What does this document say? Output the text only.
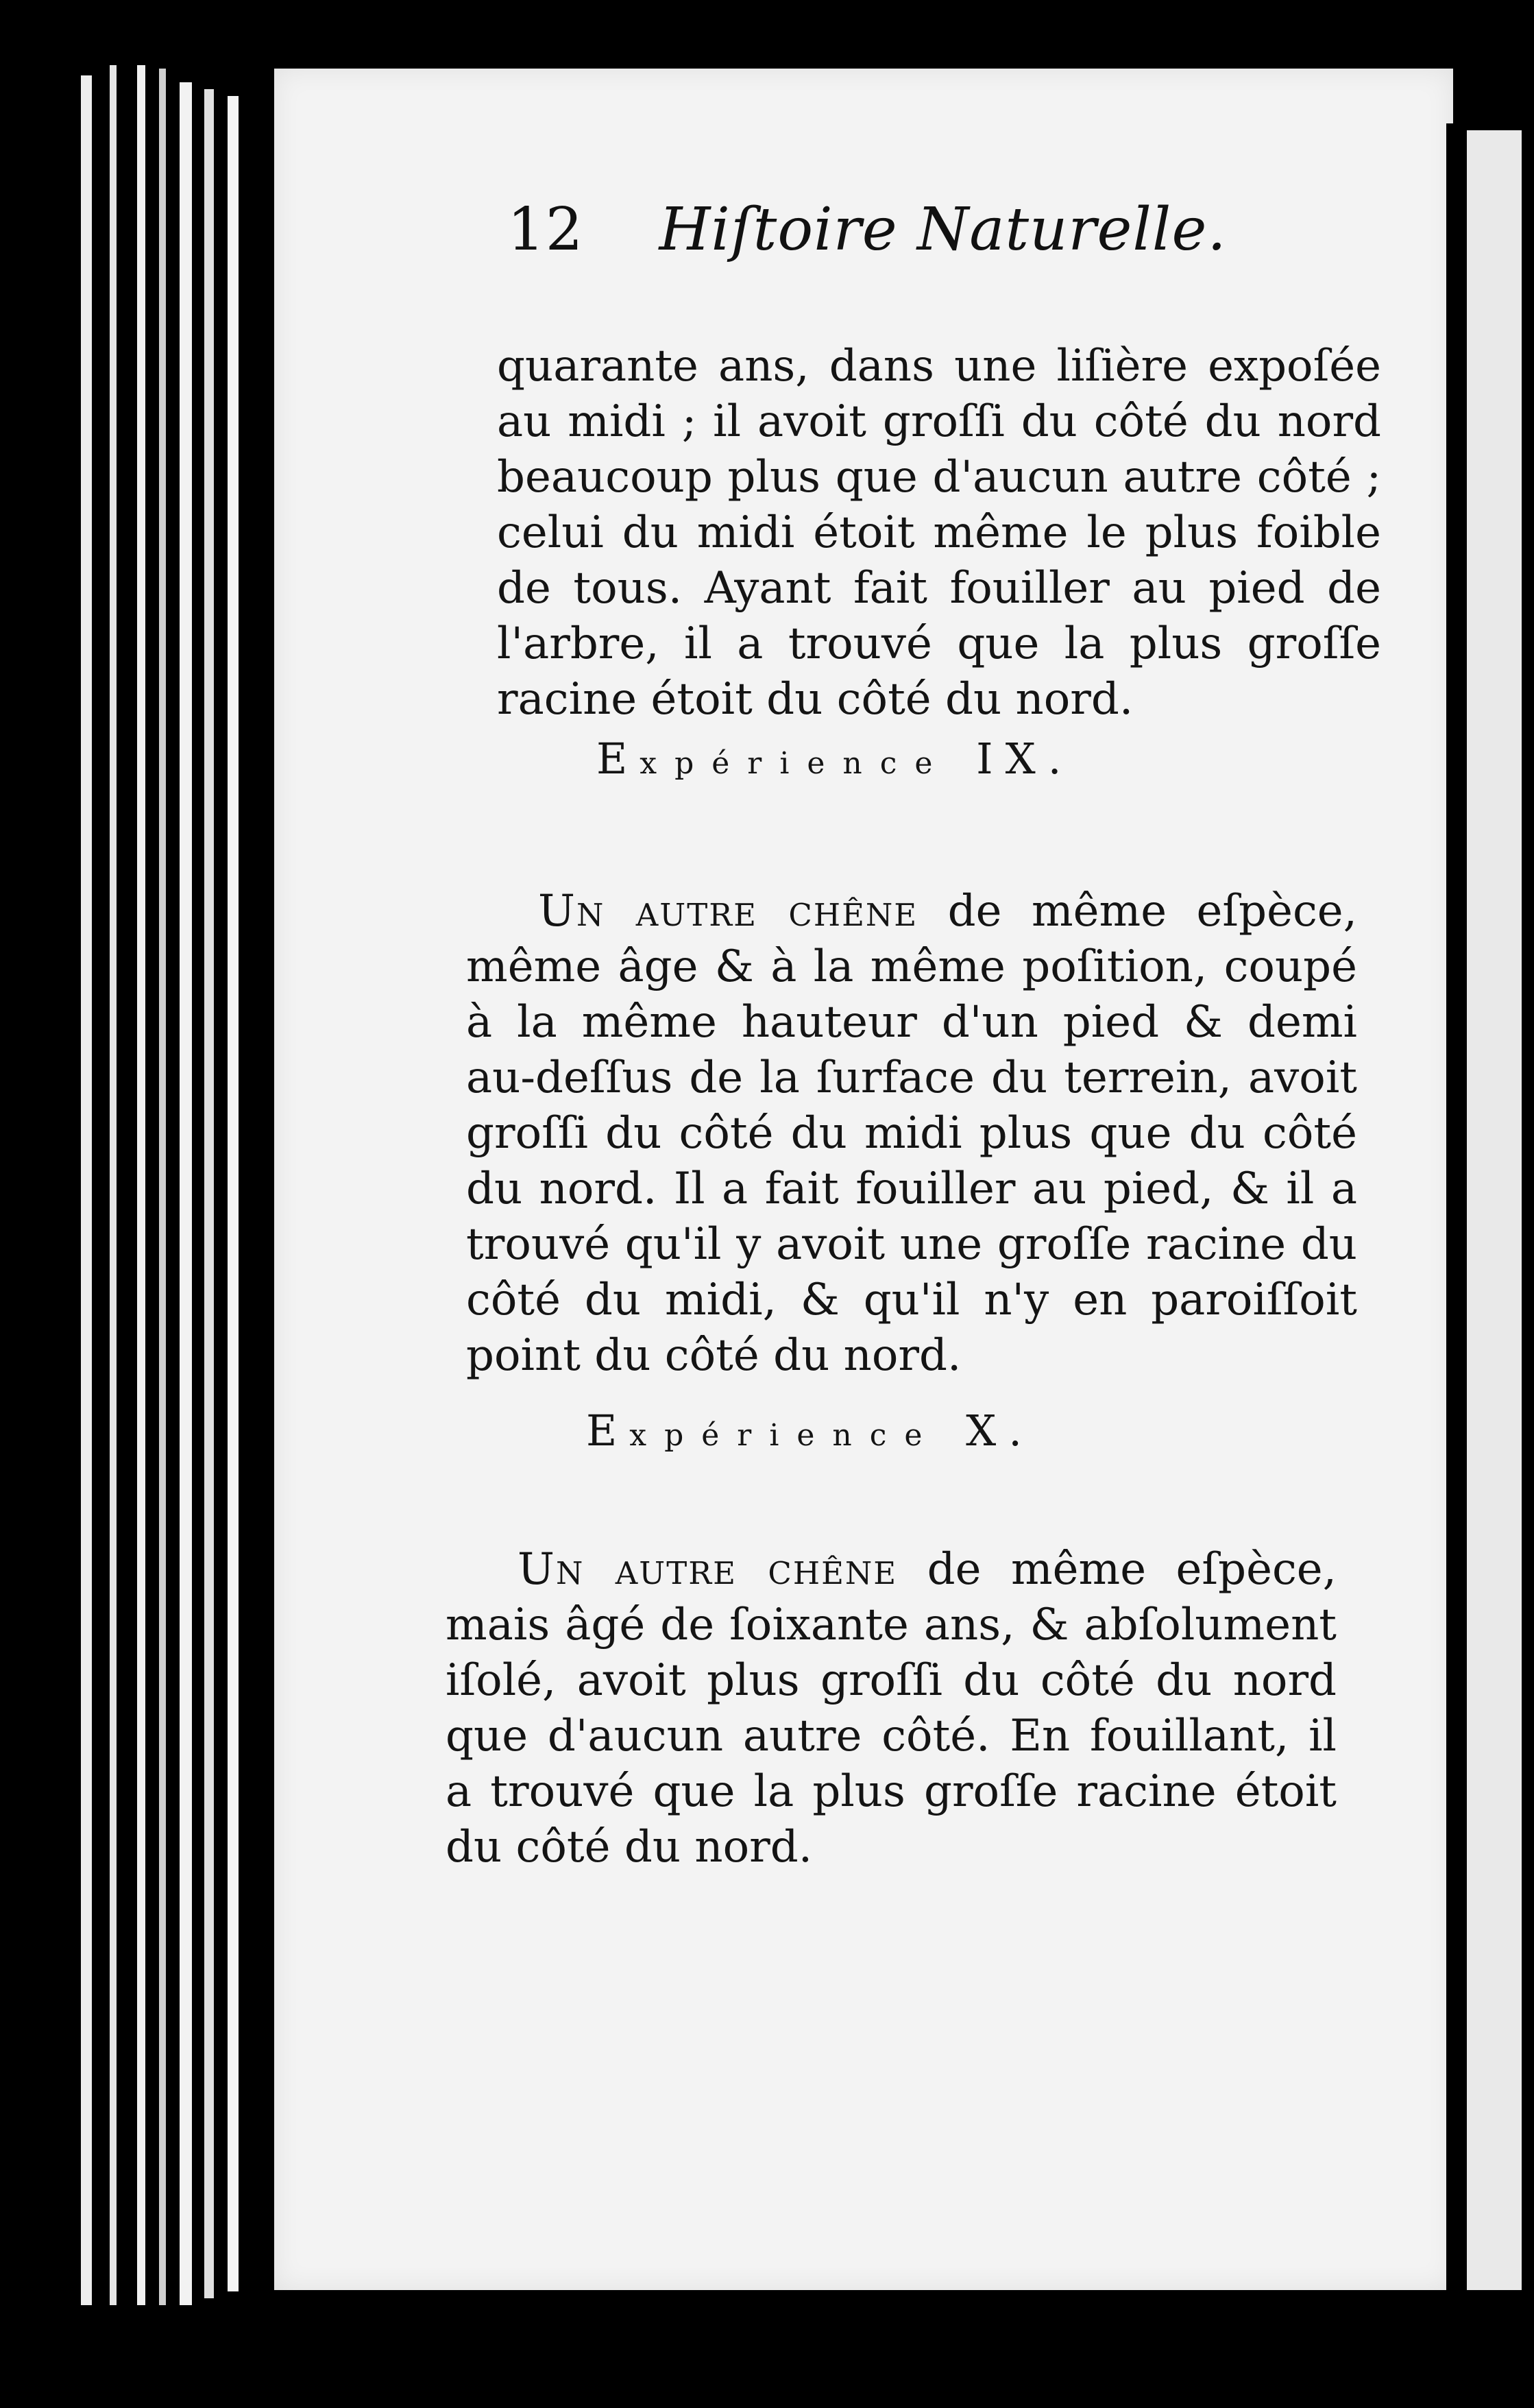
12 Hiſtoire Naturelle.

quarante ans, dans une liſière expoſée au midi ; il avoit groſſi du côté du nord beaucoup plus que d'aucun autre côté ; celui du midi étoit même le plus foible de tous. Ayant fait fouiller au pied de l'arbre, il a trouvé que la plus groſſe racine étoit du côté du nord.

Expérience IX.

Un autre chêne de même eſpèce, même âge & à la même poſition, coupé à la même hauteur d'un pied & demi au-deſſus de la ſurface du terrein, avoit groſſi du côté du midi plus que du côté du nord. Il a fait fouiller au pied, & il a trouvé qu'il y avoit une groſſe racine du côté du midi, & qu'il n'y en paroiſſoit point du côté du nord.

Expérience X.

Un autre chêne de même eſpèce, mais âgé de ſoixante ans, & abſolument iſolé, avoit plus groſſi du côté du nord que d'aucun autre côté. En fouillant, il a trouvé que la plus groſſe racine étoit du côté du nord.
